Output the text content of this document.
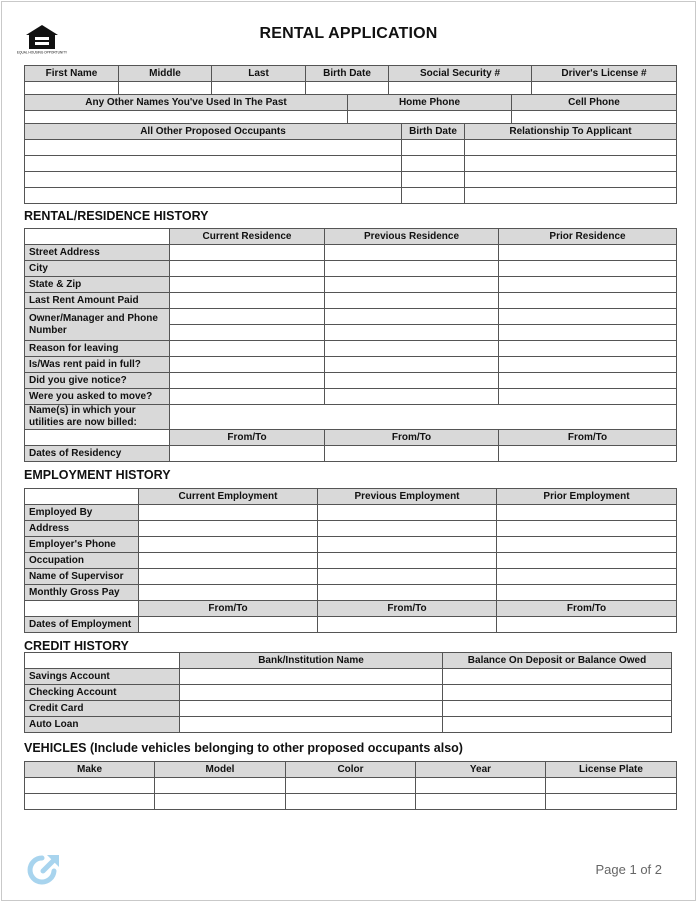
EQUAL HOUSING OPPORTUNITY
RENTAL APPLICATION
First Name	Middle	Last	Birth Date	Social Security #	Driver's License #

Any Other Names You've Used In The Past	Home Phone	Cell Phone

All Other Proposed Occupants	Birth Date	Relationship To Applicant

RENTAL/RESIDENCE HISTORY
	Current Residence	Previous Residence	Prior Residence
Street Address			
City			
State & Zip			
Last Rent Amount Paid			
Owner/Manager and Phone Number			

Reason for leaving			
Is/Was rent paid in full?			
Did you give notice?			
Were you asked to move?			
Name(s) in which your utilities are now billed:			
	From/To	From/To	From/To
Dates of Residency			
EMPLOYMENT HISTORY
	Current Employment	Previous Employment	Prior Employment
Employed By			
Address			
Employer's Phone			
Occupation			
Name of Supervisor			
Monthly Gross Pay			
	From/To	From/To	From/To
Dates of Employment			
CREDIT HISTORY
	Bank/Institution Name	Balance On Deposit or Balance Owed
Savings Account		
Checking Account		
Credit Card		
Auto Loan		
VEHICLES (Include vehicles belonging to other proposed occupants also)
Make	Model	Color	Year	License Plate

Page 1 of 2
